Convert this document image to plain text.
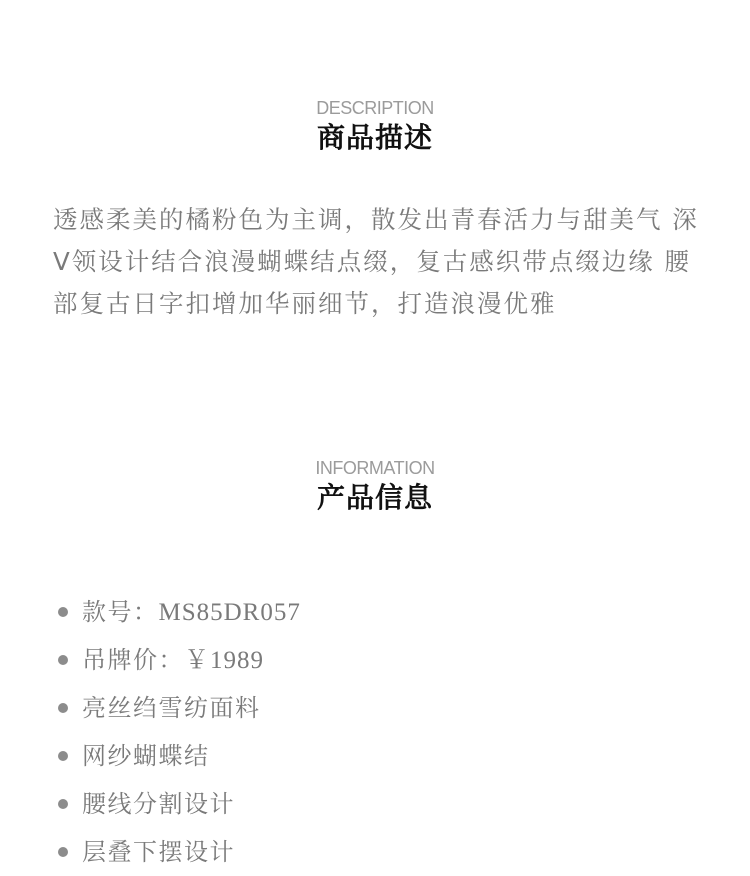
DESCRIPTION
商品描述

透感柔美的橘粉色为主调，散发出青春活力与甜美气 深V领设计结合浪漫蝴蝶结点缀，复古感织带点缀边缘 腰部复古日字扣增加华丽细节，打造浪漫优雅

INFORMATION
产品信息
款号：MS85DR057
吊牌价：￥1989
亮丝绉雪纺面料
网纱蝴蝶结
腰线分割设计
层叠下摆设计
